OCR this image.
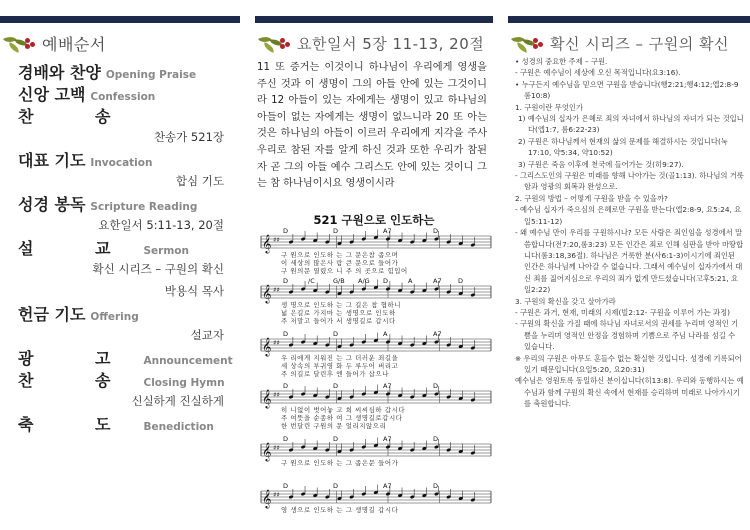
예배순서
경배와 찬양 Opening Praise
신앙 고백 Confession
찬 송
찬송가 521장
대표 기도 Invocation
합심 기도
성경 봉독 Scripture Reading
요한일서 5:11-13, 20절
설 교 Sermon
확신 시리즈 – 구원의 확신
박용식 목사
헌금 기도 Offering
설교자
광 고 Announcement
찬 송 Closing Hymn
신실하게 진실하게
축 도 Benediction
요한일서 5장 11-13, 20절
11 또 증거는 이것이니 하나님이 우리에게 영생을 주신 것과 이 생명이 그의 아들 안에 있는 그것이니라 12 아들이 있는 자에게는 생명이 있고 하나님의 아들이 없는 자에게는 생명이 없느니라 20 또 아는 것은 하나님의 아들이 이르러 우리에게 지각을 주사 우리로 참된 자를 알게 하신 것과 또한 우리가 참된 자 곧 그의 아들 예수 그리스도 안에 있는 것이니 그는 참 하나님이시요 영생이시라
521 구원으로 인도하는
D	D	A7	D
𝄞 ♯♯
구 원으로 인도하 는 그 문은참 좁으며
이 세상의 많은사 람 큰 문으로 들어가
구 원의문 열렸으 니 주 의 곳으로 힘입어
D	/C	G/B A/G D	A	A7	D
𝄞 ♯♯
생 명으로 인도하 는 그 길은 참 협하니
넓 은길로 가지마 는 생명으로 인도하
주 저말고 들어가 서 생명길로 갑시다
D	D	A	A7
𝄞 ♯♯
우 리에게 지워진 는 그 더러운 죄길을
세 상속의 부귀영 화 두 루두어 버리고
주 의길로 달린후 엔 들어가 삽으나
D	D	A7	D
𝄞 ♯♯
히 니없이 벗어놓 고 희 씨씨심하 갑시다
주 여뜻을 순종하 여 그 생명길로갑시다
한 번달린 구원의 문 얼리지않으리
D	D	A7	D
𝄞 ♯♯
구 원으로 인도하 는 그 좁은문 들어가
D	D	A7	D
𝄞 ♯♯
영 생으로 인도하 는 그 생명길 갑시다
확신 시리즈 – 구원의 확신

• 성경의 중요한 주제 – 구원.

- 구원은 예수님이 세상에 오신 목적입니다(요3:16).

• 누구든지 예수님을 믿으면 구원을 받습니다(행2:21;행4:12;엡2:8-9 롬10:8)

1. 구원이란 무엇인가

1) 예수님의 십자가 은혜로 죄의 자녀에서 하나님의 자녀가 되는 것입니다(엡1:7, 롬6:22-23)

2) 구원은 하나님께서 현재의 삶의 문제를 해결하시는 것입니다(눅17:10, 약5:34, 약10:52)

3) 구원은 죽음 이후에 천국에 들어가는 것(히9:27).

- 그리스도인의 구원은 미래를 향해 나아가는 것(골1:13). 하나님의 거룩함과 영광의 회복과 완성으로.

2. 구원의 방법 – 어떻게 구원을 받을 수 있을까?

- 예수님 십자가 죽으심의 은혜로만 구원을 받는다(엡2:8-9, 요5:24, 요일5:11-12)

- 왜 예수님 만이 우리를 구원하시나? 모든 사람은 죄인임을 성경에서 말씀합니다(전7:20,롬3:23) 모든 인간은 죄로 인해 심판을 받아 마땅합니다(롬3:18,36절). 하나님은 거룩한 분(사6:1-3)이시기에 죄인된 인간은 하나님께 나아갈 수 없습니다. 그래서 예수님이 십자가에서 대신 죄를 짊어지심으로 우리의 죄가 없게 만드셨습니다(고후5:21, 요일2:22)

3. 구원의 확신을 갖고 살아가라

- 구원은 과거, 현재, 미래의 시제(빌2:12- 구원을 이루어 가는 과정)

- 구원의 확신을 가질 때에 하나님 자녀로서의 권세를 누리며 영적인 기쁨을 누리며 영적인 안정을 경험하며 기쁨으로 주님 나라를 섬길 수 있습니다.

※ 우리의 구원은 아무도 흔들수 없는 확실한 것입니다. 성경에 기록되어 있기 때문입니다(요일5:20, 요20:31)

예수님은 영원토록 동일하신 분이십니다(히13:8). 우리와 동행하시는 예수님과 함께 구원의 확신 속에서 현재를 승리하며 미래로 나아가시기를 축원합니다.
